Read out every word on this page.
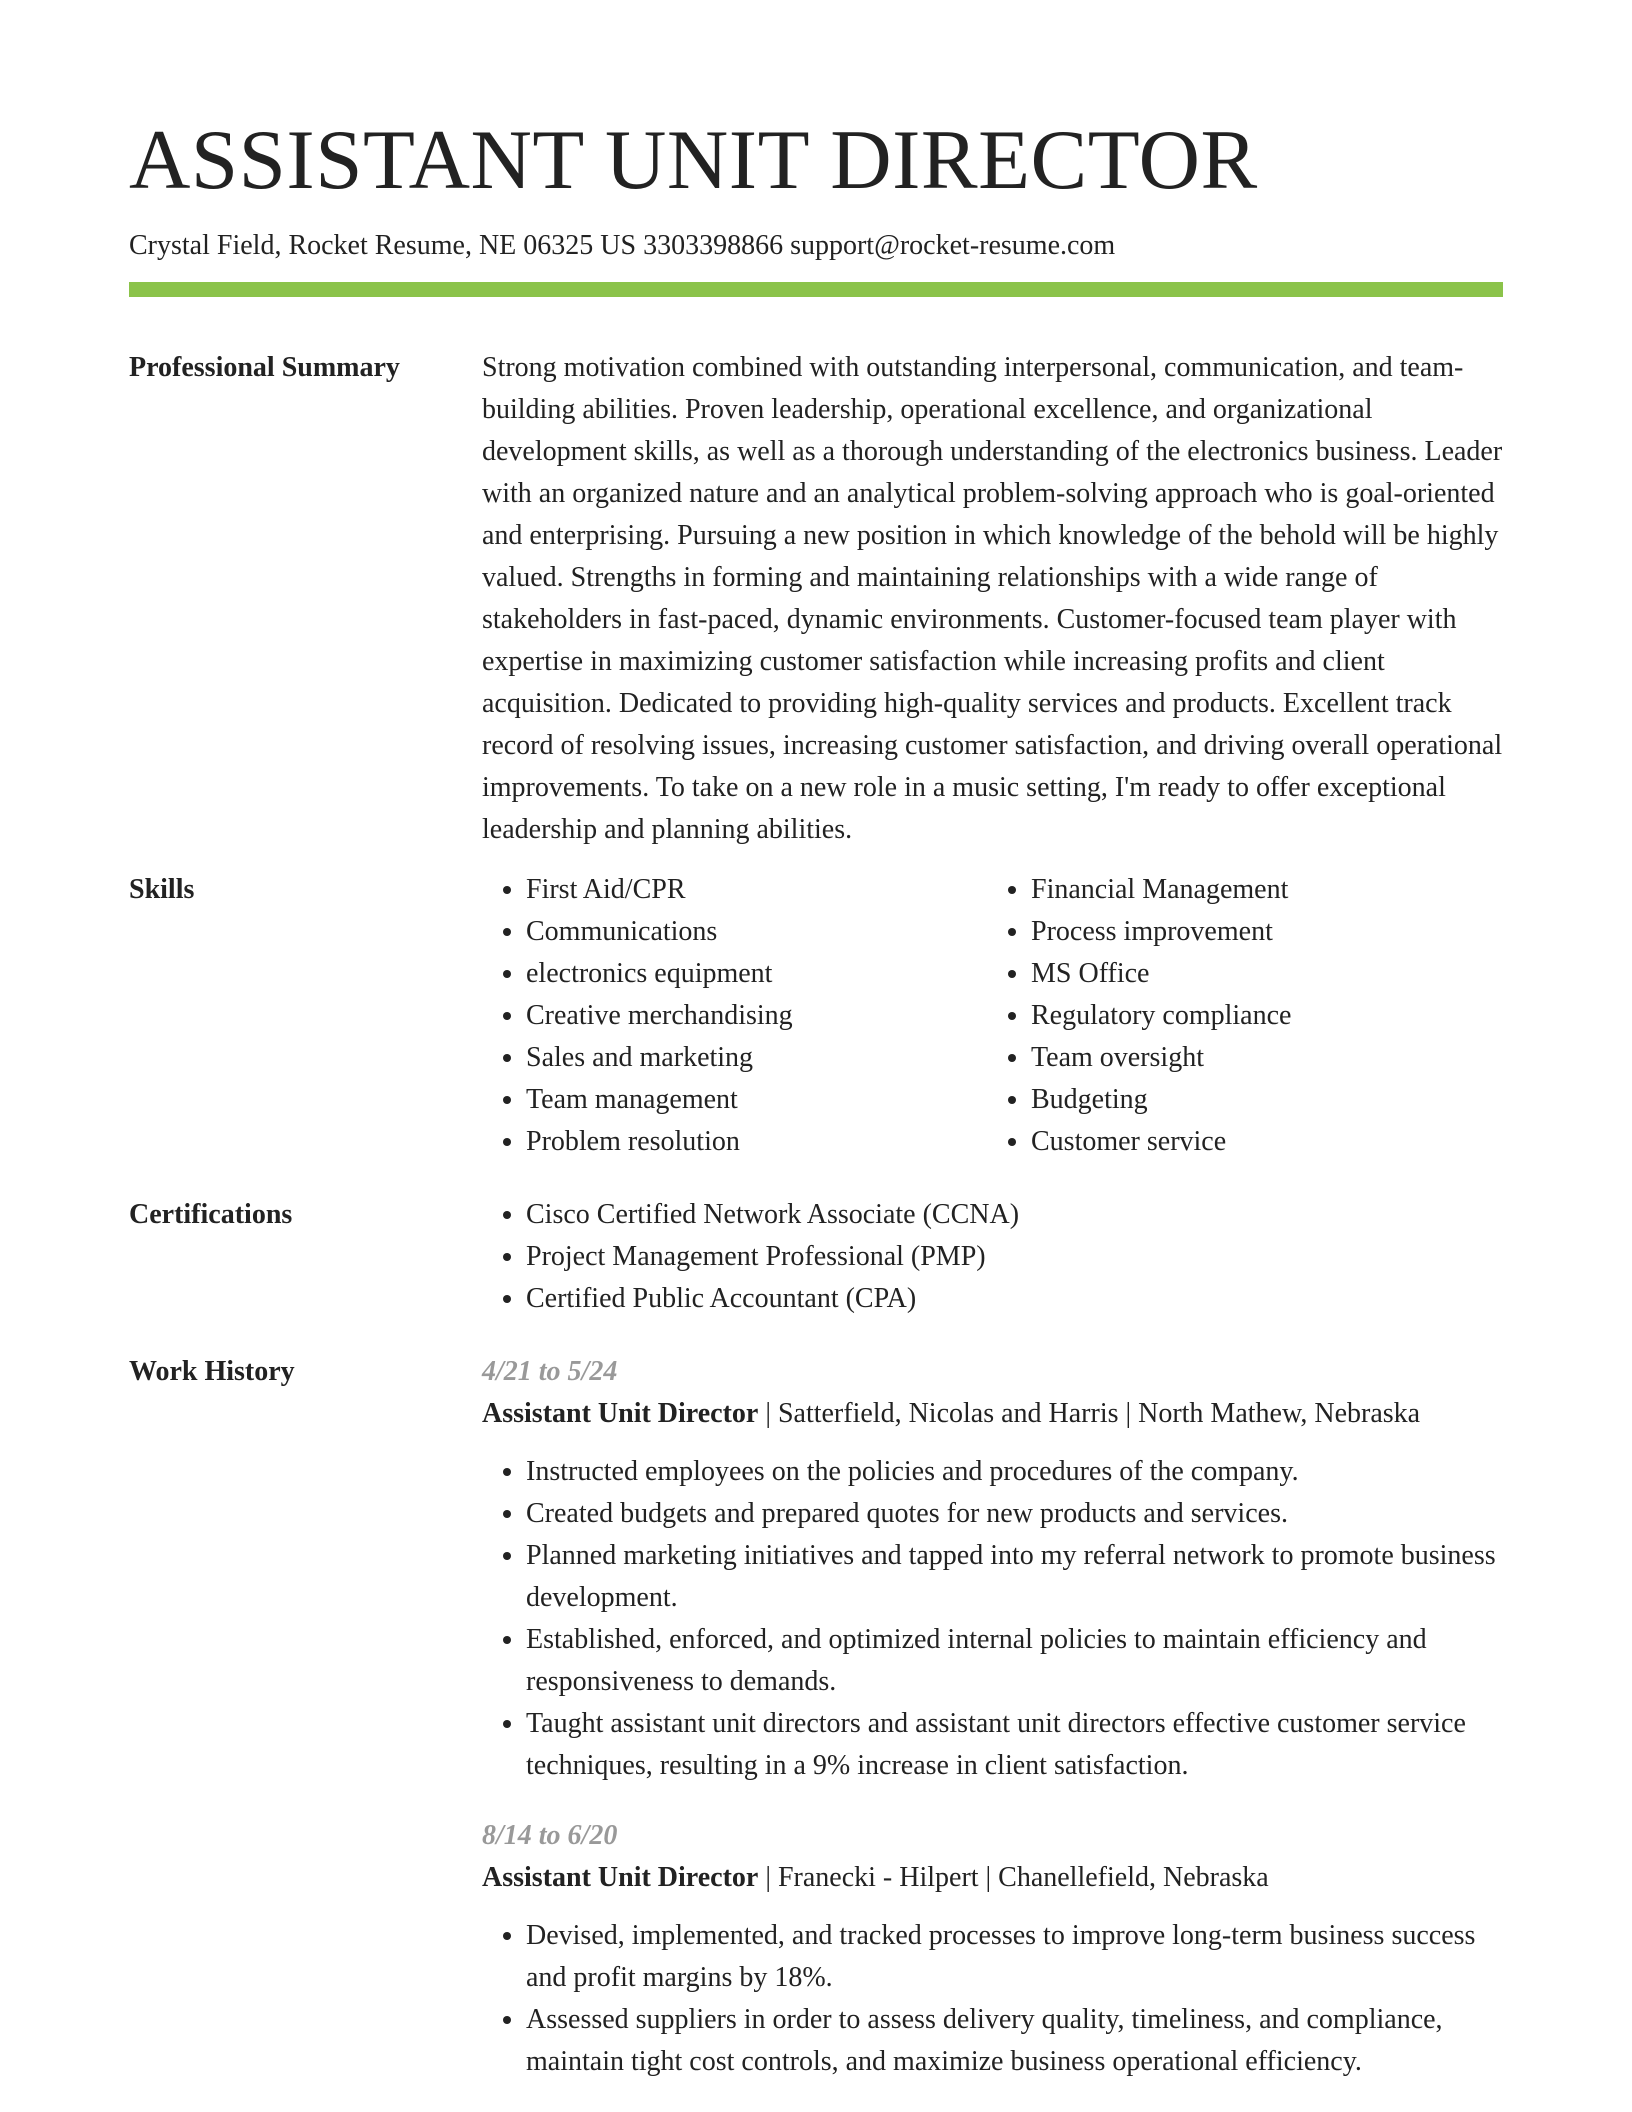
ASSISTANT UNIT DIRECTOR
Crystal Field, Rocket Resume, NE 06325 US 3303398866 support@rocket-resume.com
Professional Summary	Strong motivation combined with outstanding interpersonal, communication, and team-building abilities. Proven leadership, operational excellence, and organizational development skills, as well as a thorough understanding of the electronics business. Leader with an organized nature and an analytical problem-solving approach who is goal-oriented and enterprising. Pursuing a new position in which knowledge of the behold will be highly valued. Strengths in forming and maintaining relationships with a wide range of stakeholders in fast-paced, dynamic environments. Customer-focused team player with expertise in maximizing customer satisfaction while increasing profits and client acquisition. Dedicated to providing high-quality services and products. Excellent track record of resolving issues, increasing customer satisfaction, and driving overall operational improvements. To take on a new role in a music setting, I'm ready to offer exceptional leadership and planning abilities.

Skills	• First Aid/CPR
• Communications
• electronics equipment
• Creative merchandising
• Sales and marketing
• Team management
• Problem resolution
• Financial Management
• Process improvement
• MS Office
• Regulatory compliance
• Team oversight
• Budgeting
• Customer service
Certifications	• Cisco Certified Network Associate (CCNA)
• Project Management Professional (PMP)
• Certified Public Accountant (CPA)
Work History	4/21 to 5/24
Assistant Unit Director | Satterfield, Nicolas and Harris | North Mathew, Nebraska
• Instructed employees on the policies and procedures of the company.
• Created budgets and prepared quotes for new products and services.
• Planned marketing initiatives and tapped into my referral network to promote business development.
• Established, enforced, and optimized internal policies to maintain efficiency and responsiveness to demands.
• Taught assistant unit directors and assistant unit directors effective customer service techniques, resulting in a 9% increase in client satisfaction.
8/14 to 6/20
Assistant Unit Director | Franecki - Hilpert | Chanellefield, Nebraska
• Devised, implemented, and tracked processes to improve long-term business success and profit margins by 18%.
• Assessed suppliers in order to assess delivery quality, timeliness, and compliance, maintain tight cost controls, and maximize business operational efficiency.
